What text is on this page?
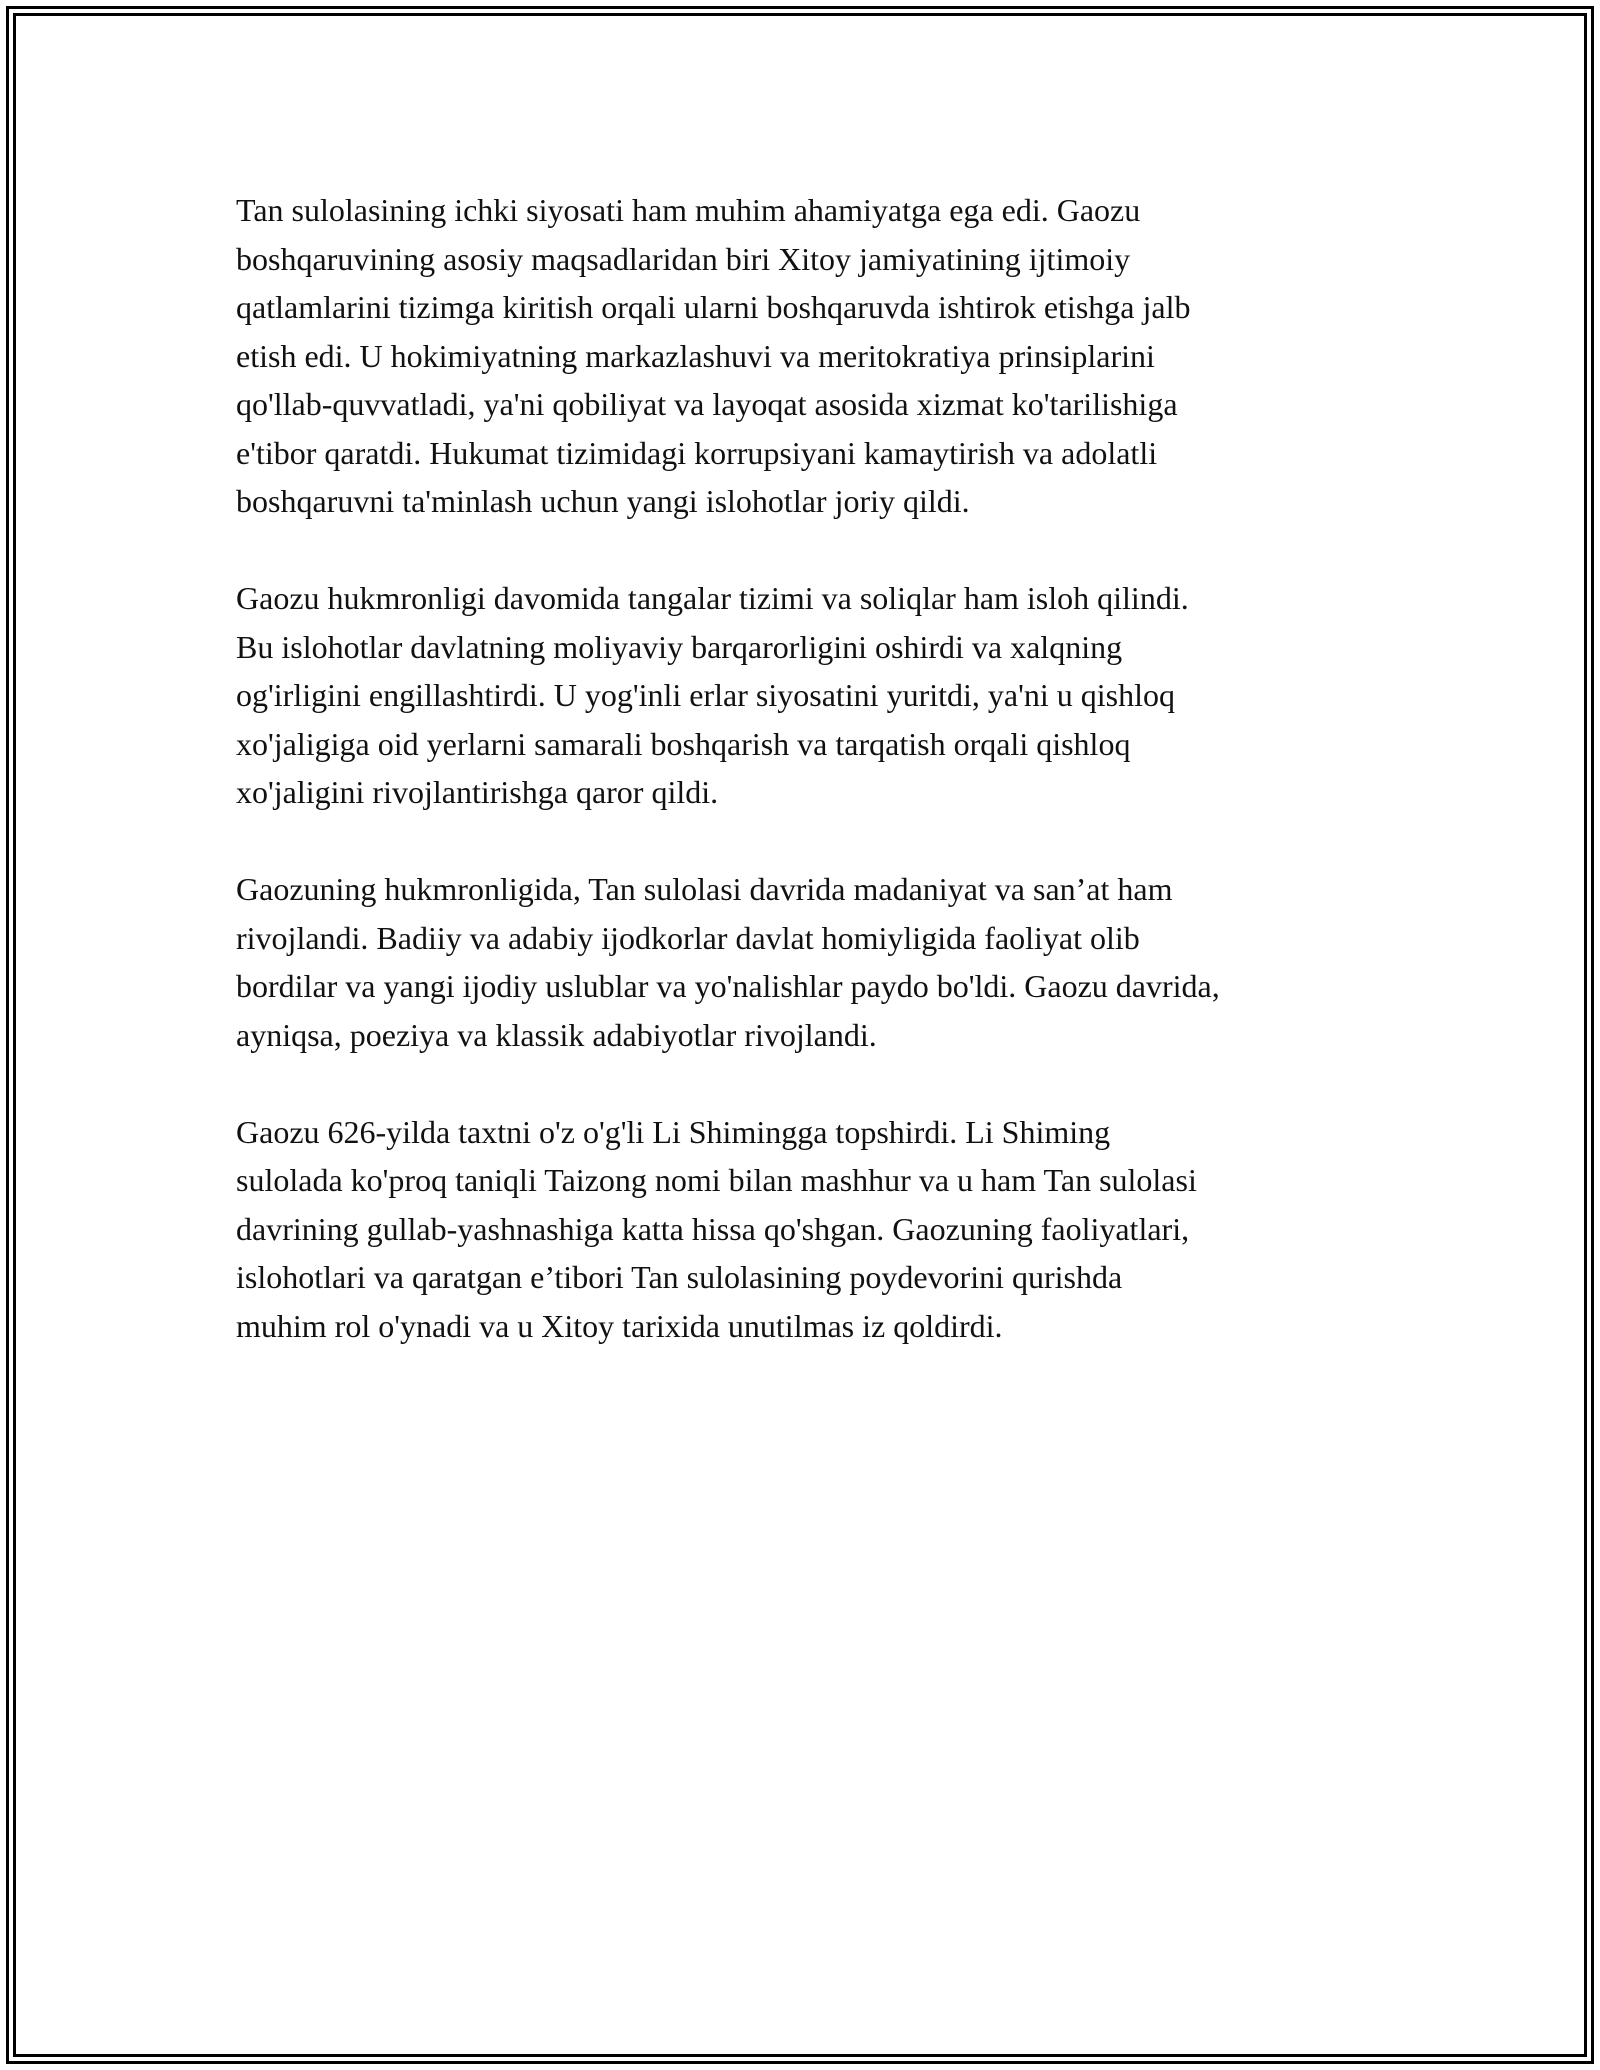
Tan sulolasining ichki siyosati ham muhim ahamiyatga ega edi. Gaozu
boshqaruvining asosiy maqsadlaridan biri Xitoy jamiyatining ijtimoiy
qatlamlarini tizimga kiritish orqali ularni boshqaruvda ishtirok etishga jalb
etish edi. U hokimiyatning markazlashuvi va meritokratiya prinsiplarini
qo'llab-quvvatladi, ya'ni qobiliyat va layoqat asosida xizmat ko'tarilishiga
e'tibor qaratdi. Hukumat tizimidagi korrupsiyani kamaytirish va adolatli
boshqaruvni ta'minlash uchun yangi islohotlar joriy qildi.

Gaozu hukmronligi davomida tangalar tizimi va soliqlar ham isloh qilindi.
Bu islohotlar davlatning moliyaviy barqarorligini oshirdi va xalqning
og'irligini engillashtirdi. U yog'inli erlar siyosatini yuritdi, ya'ni u qishloq
xo'jaligiga oid yerlarni samarali boshqarish va tarqatish orqali qishloq
xo'jaligini rivojlantirishga qaror qildi.

Gaozuning hukmronligida, Tan sulolasi davrida madaniyat va san’at ham
rivojlandi. Badiiy va adabiy ijodkorlar davlat homiyligida faoliyat olib
bordilar va yangi ijodiy uslublar va yo'nalishlar paydo bo'ldi. Gaozu davrida,
ayniqsa, poeziya va klassik adabiyotlar rivojlandi.

Gaozu 626-yilda taxtni o'z o'g'li Li Shimingga topshirdi. Li Shiming
sulolada ko'proq taniqli Taizong nomi bilan mashhur va u ham Tan sulolasi
davrining gullab-yashnashiga katta hissa qo'shgan. Gaozuning faoliyatlari,
islohotlari va qaratgan e’tibori Tan sulolasining poydevorini qurishda
muhim rol o'ynadi va u Xitoy tarixida unutilmas iz qoldirdi.
